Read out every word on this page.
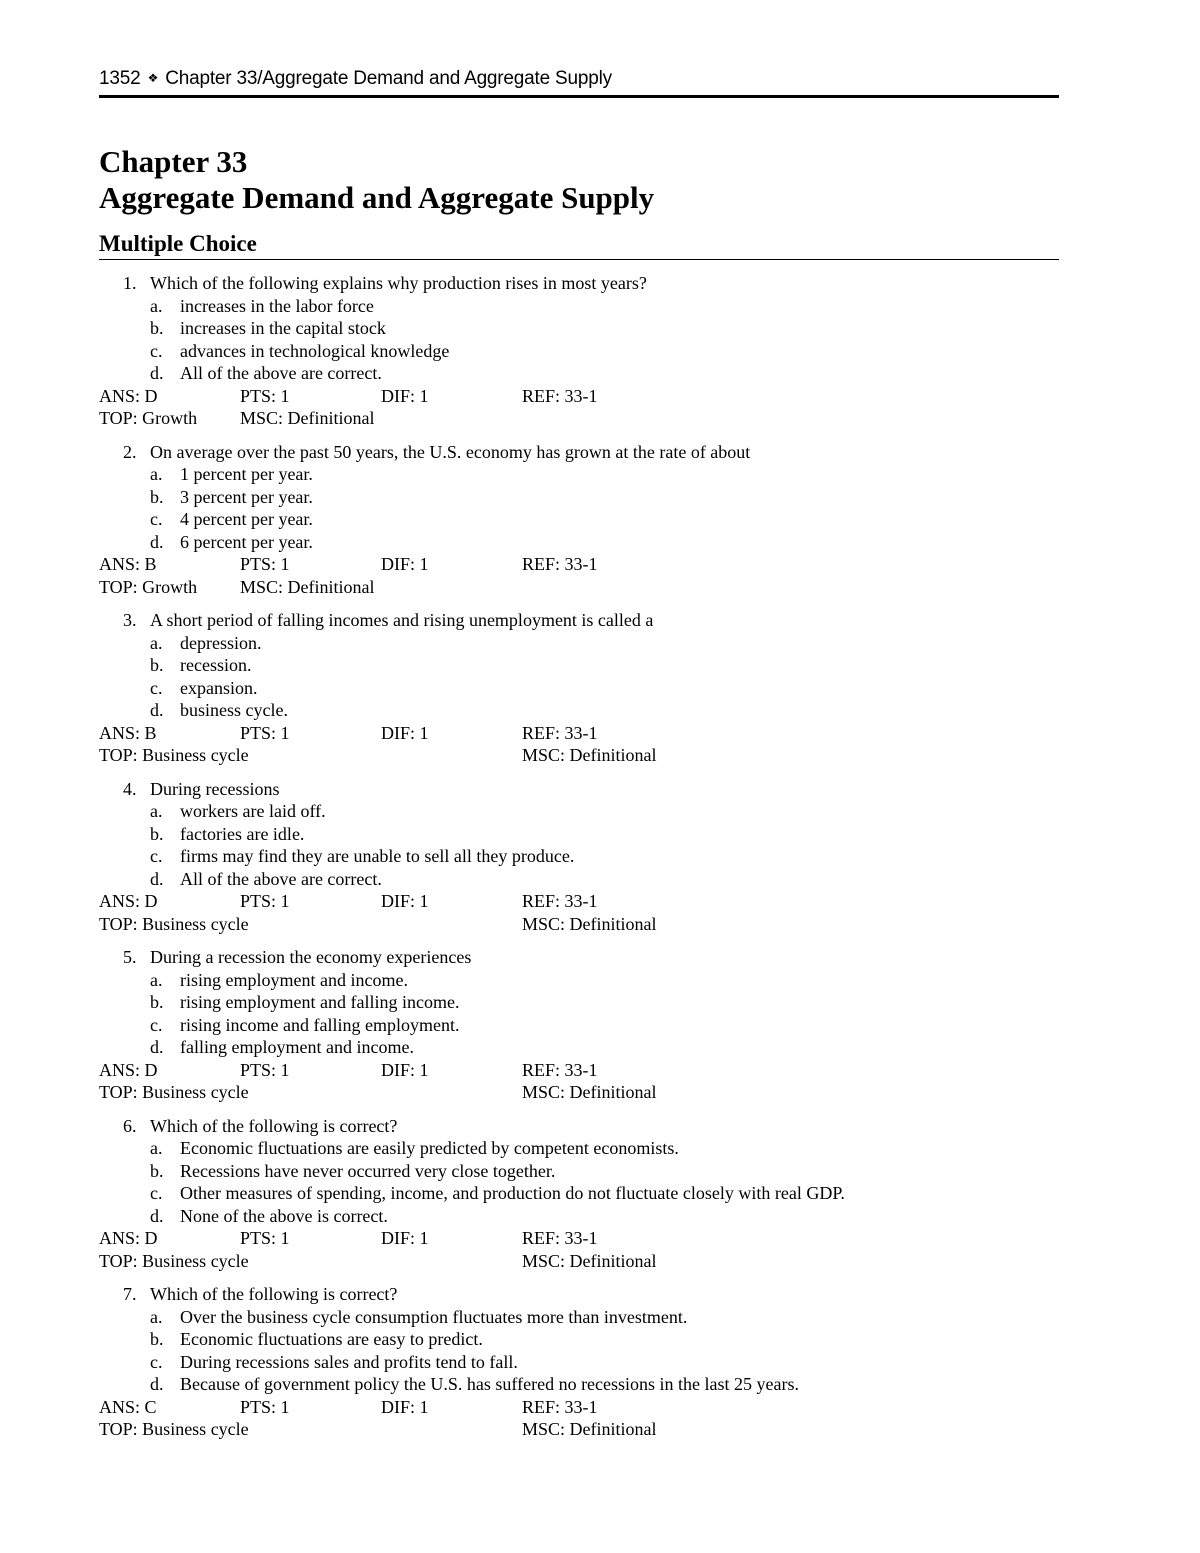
1352 ❖ Chapter 33/Aggregate Demand and Aggregate Supply
Chapter 33
Aggregate Demand and Aggregate Supply
Multiple Choice
1. Which of the following explains why production rises in most years?
a. increases in the labor force
b. increases in the capital stock
c. advances in technological knowledge
d. All of the above are correct.
ANS: D	PTS: 1	DIF: 1	REF: 33-1
TOP: Growth MSC: Definitional
2. On average over the past 50 years, the U.S. economy has grown at the rate of about
a. 1 percent per year.
b. 3 percent per year.
c. 4 percent per year.
d. 6 percent per year.
ANS: B	PTS: 1	DIF: 1	REF: 33-1
TOP: Growth MSC: Definitional
3. A short period of falling incomes and rising unemployment is called a
a. depression.
b. recession.
c. expansion.
d. business cycle.
ANS: B	PTS: 1	DIF: 1	REF: 33-1
TOP: Business cycle	MSC: Definitional
4. During recessions
a. workers are laid off.
b. factories are idle.
c. firms may find they are unable to sell all they produce.
d. All of the above are correct.
ANS: D	PTS: 1	DIF: 1	REF: 33-1
TOP: Business cycle	MSC: Definitional
5. During a recession the economy experiences
a. rising employment and income.
b. rising employment and falling income.
c. rising income and falling employment.
d. falling employment and income.
ANS: D	PTS: 1	DIF: 1	REF: 33-1
TOP: Business cycle	MSC: Definitional
6. Which of the following is correct?
a. Economic fluctuations are easily predicted by competent economists.
b. Recessions have never occurred very close together.
c. Other measures of spending, income, and production do not fluctuate closely with real GDP.
d. None of the above is correct.
ANS: D	PTS: 1	DIF: 1	REF: 33-1
TOP: Business cycle	MSC: Definitional
7. Which of the following is correct?
a. Over the business cycle consumption fluctuates more than investment.
b. Economic fluctuations are easy to predict.
c. During recessions sales and profits tend to fall.
d. Because of government policy the U.S. has suffered no recessions in the last 25 years.
ANS: C	PTS: 1	DIF: 1	REF: 33-1
TOP: Business cycle	MSC: Definitional
